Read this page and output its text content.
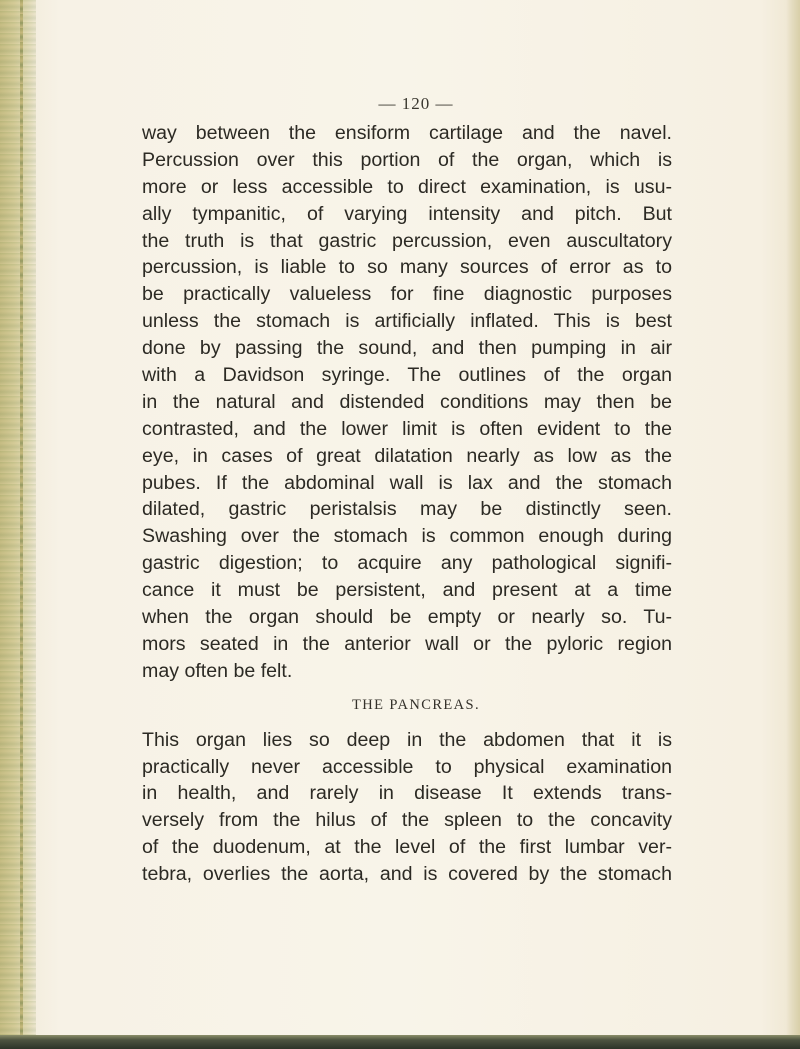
— 120 —
way between the ensiform cartilage and the navel.
Percussion over this portion of the organ, which is
more or less accessible to direct examination, is usu-
ally tympanitic, of varying intensity and pitch. But
the truth is that gastric percussion, even auscultatory
percussion, is liable to so many sources of error as to
be practically valueless for fine diagnostic purposes
unless the stomach is artificially inflated. This is best
done by passing the sound, and then pumping in air
with a Davidson syringe. The outlines of the organ
in the natural and distended conditions may then be
contrasted, and the lower limit is often evident to the
eye, in cases of great dilatation nearly as low as the
pubes. If the abdominal wall is lax and the stomach
dilated, gastric peristalsis may be distinctly seen.
Swashing over the stomach is common enough during
gastric digestion; to acquire any pathological signifi-
cance it must be persistent, and present at a time
when the organ should be empty or nearly so. Tu-
mors seated in the anterior wall or the pyloric region
may often be felt.
THE PANCREAS.
This organ lies so deep in the abdomen that it is
practically never accessible to physical examination
in health, and rarely in disease It extends trans-
versely from the hilus of the spleen to the concavity
of the duodenum, at the level of the first lumbar ver-
tebra, overlies the aorta, and is covered by the stomach
